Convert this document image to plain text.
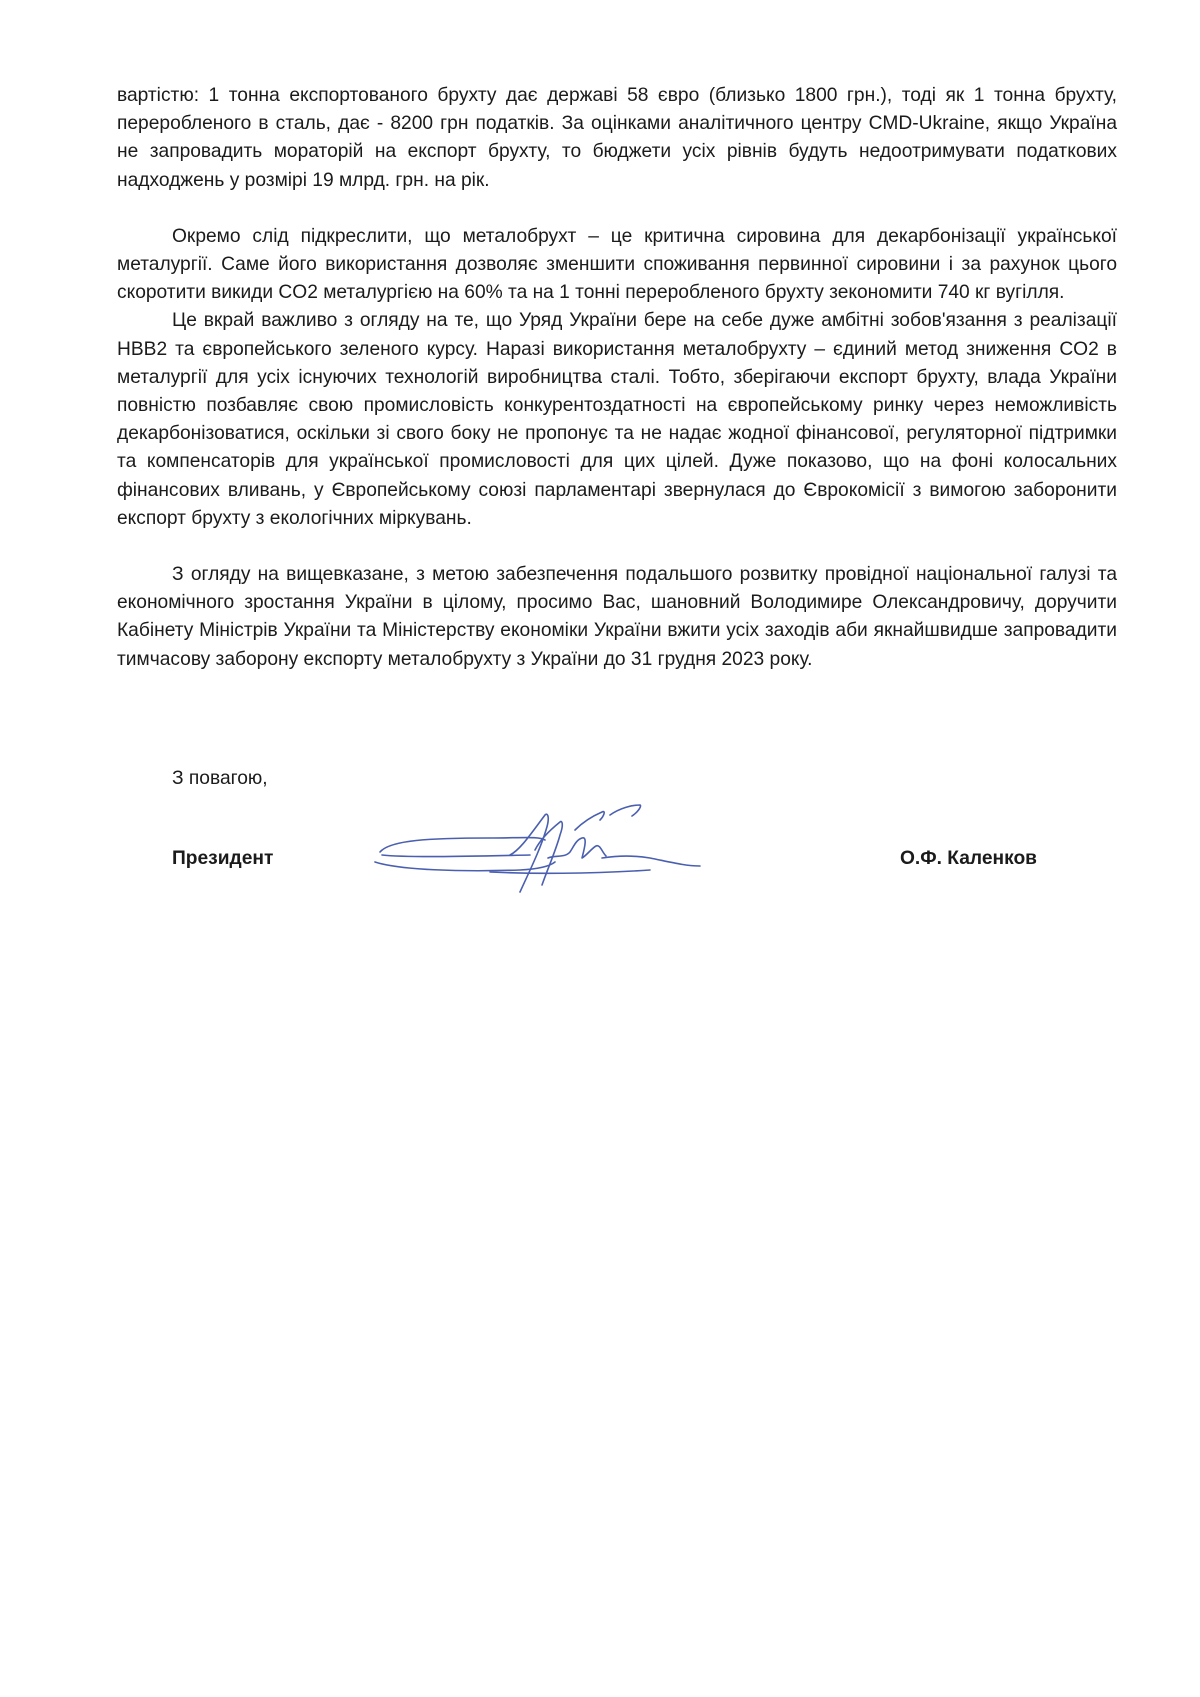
вартістю: 1 тонна експортованого брухту дає державі 58 євро (близько 1800 грн.), тоді як 1 тонна брухту, переробленого в сталь, дає - 8200 грн податків. За оцінками аналітичного центру CMD-Ukraine, якщо Україна не запровадить мораторій на експорт брухту, то бюджети усіх рівнів будуть недоотримувати податкових надходжень у розмірі 19 млрд. грн. на рік.

Окремо слід підкреслити, що металобрухт – це критична сировина для декарбонізації української металургії. Саме його використання дозволяє зменшити споживання первинної сировини і за рахунок цього скоротити викиди CO2 металургією на 60% та на 1 тонні переробленого брухту зекономити 740 кг вугілля.

Це вкрай важливо з огляду на те, що Уряд України бере на себе дуже амбітні зобов'язання з реалізації НВВ2 та європейського зеленого курсу. Наразі використання металобрухту – єдиний метод зниження CO2 в металургії для усіх існуючих технологій виробництва сталі. Тобто, зберігаючи експорт брухту, влада України повністю позбавляє свою промисловість конкурентоздатності на європейському ринку через неможливість декарбонізоватися, оскільки зі свого боку не пропонує та не надає жодної фінансової, регуляторної підтримки та компенсаторів для української промисловості для цих цілей. Дуже показово, що на фоні колосальних фінансових вливань, у Європейському союзі парламентарі звернулася до Єврокомісії з вимогою заборонити експорт брухту з екологічних міркувань.

З огляду на вищевказане, з метою забезпечення подальшого розвитку провідної національної галузі та економічного зростання України в цілому, просимо Вас, шановний Володимире Олександровичу, доручити Кабінету Міністрів України та Міністерству економіки України вжити усіх заходів аби якнайшвидше запровадити тимчасову заборону експорту металобрухту з України до 31 грудня 2023 року.

З повагою,
Президент	О.Ф. Каленков
